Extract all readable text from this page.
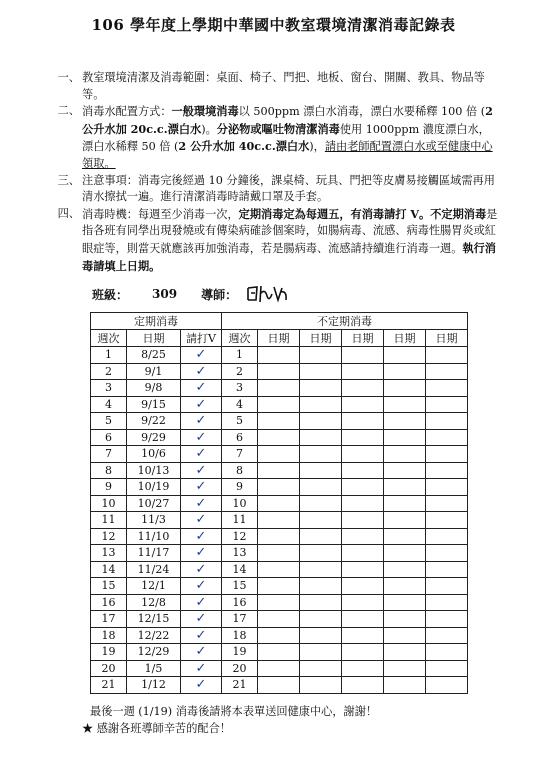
106 學年度上學期中華國中教室環境清潔消毒記錄表
一、 教室環境清潔及消毒範圍：桌面、椅子、門把、地板、窗台、開關、教具、物品等等。
二、 消毒水配置方式：一般環境消毒以 500ppm 漂白水消毒，漂白水要稀釋 100 倍 (2 公升水加 20c.c.漂白水)。分泌物或嘔吐物清潔消毒使用 1000ppm 濃度漂白水，漂白水稀釋 50 倍 (2 公升水加 40c.c.漂白水)，請由老師配置漂白水或至健康中心領取。
三、 注意事項：消毒完後經過 10 分鐘後，課桌椅、玩具、門把等皮膚易接觸區域需再用清水擦拭一遍。進行清潔消毒時請戴口罩及手套。
四、 消毒時機：每週至少消毒一次，定期消毒定為每週五，有消毒請打 V。不定期消毒是指各班有同學出現發燒或有傳染病確診個案時，如腸病毒、流感、病毒性腸胃炎或紅眼症等，則當天就應該再加強消毒，若是腸病毒、流感請持續進行消毒一週。執行消毒請填上日期。
班級： 309 導師：
定期消毒			不定期消毒					
週次	日期	請打V	週次	日期	日期	日期	日期	日期
1	8/25	✓	1					
2	9/1	✓	2					
3	9/8	✓	3					
4	9/15	✓	4					
5	9/22	✓	5					
6	9/29	✓	6					
7	10/6	✓	7					
8	10/13	✓	8					
9	10/19	✓	9					
10	10/27	✓	10					
11	11/3	✓	11					
12	11/10	✓	12					
13	11/17	✓	13					
14	11/24	✓	14					
15	12/1	✓	15					
16	12/8	✓	16					
17	12/15	✓	17					
18	12/22	✓	18					
19	12/29	✓	19					
20	1/5	✓	20					
21	1/12	✓	21					
最後一週 (1/19) 消毒後請將本表單送回健康中心，謝謝！
★ 感謝各班導師辛苦的配合！
